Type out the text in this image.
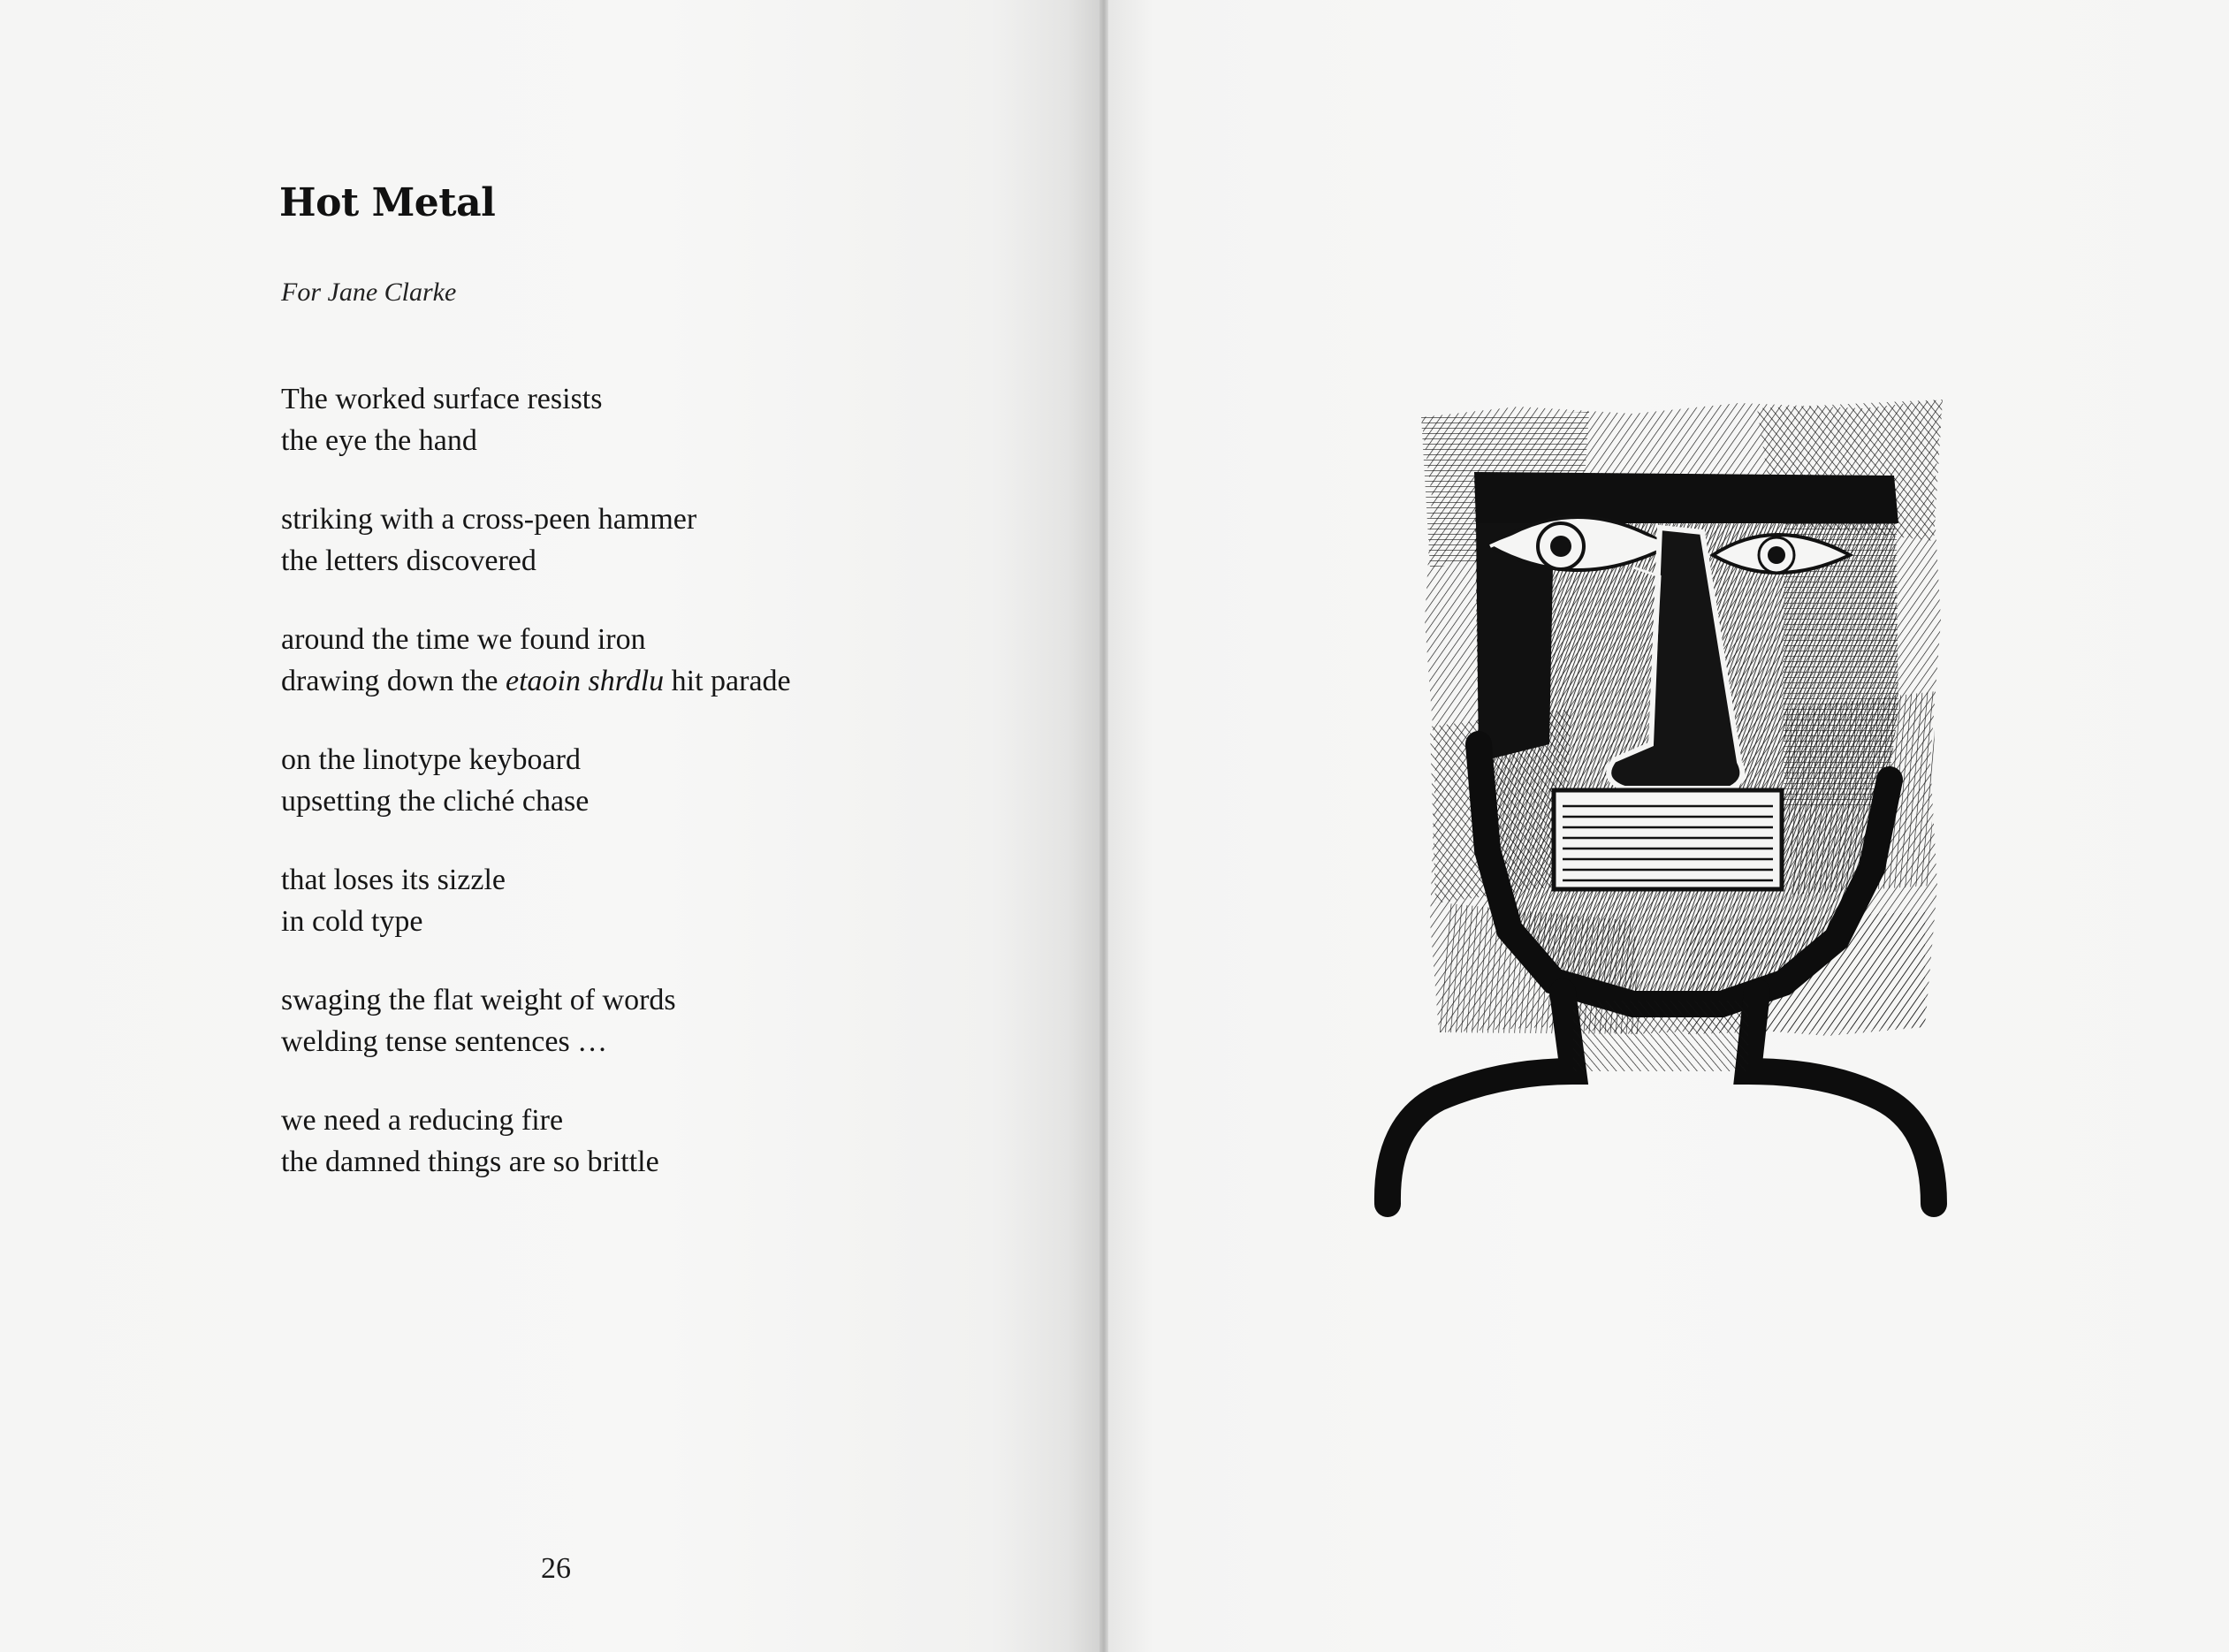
Hot Metal
For Jane Clarke
The worked surface resists
the eye the hand
striking with a cross-peen hammer
the letters discovered
around the time we found iron
drawing down the etaoin shrdlu hit parade
on the linotype keyboard
upsetting the cliché chase
that loses its sizzle
in cold type
swaging the flat weight of words
welding tense sentences …
we need a reducing fire
the damned things are so brittle
26
